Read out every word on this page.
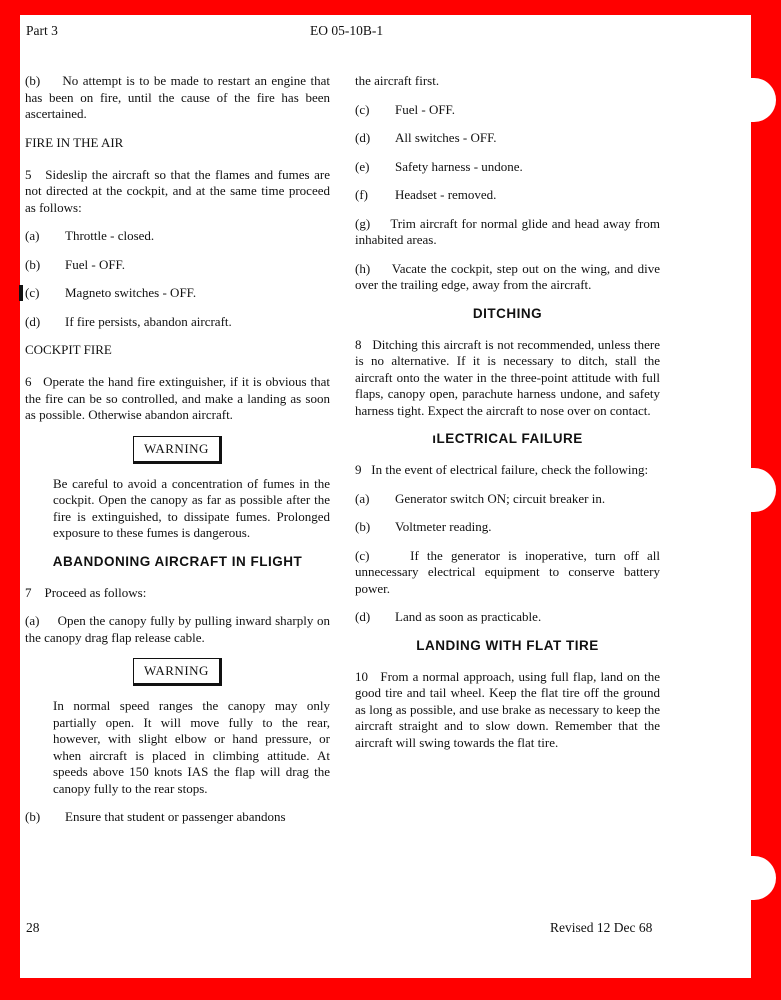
Part 3	EO 05-10B-1

(b)     No attempt is to be made to restart an engine that has been on fire, until the cause of the fire has been ascertained.

FIRE IN THE AIR

5   Sideslip the aircraft so that the flames and fumes are not directed at the cockpit, and at the same time proceed as follows:

(a)	Throttle - closed.
(b)	Fuel - OFF.
(c)	Magneto switches - OFF.
(d)	If fire persists, abandon aircraft.
COCKPIT FIRE

6   Operate the hand fire extinguisher, if it is obvious that the fire can be so controlled, and make a landing as soon as possible. Otherwise abandon aircraft.

WARNING

Be careful to avoid a concentration of fumes in the cockpit. Open the canopy as far as possible after the fire is extinguished, to dissipate fumes. Prolonged exposure to these fumes is dangerous.

ABANDONING AIRCRAFT IN FLIGHT

7    Proceed as follows:

(a)     Open the canopy fully by pulling inward sharply on the canopy drag flap release cable.

WARNING

In normal speed ranges the canopy may only partially open. It will move fully to the rear, however, with slight elbow or hand pressure, or when aircraft is placed in climbing attitude. At speeds above 150 knots IAS the flap will drag the canopy fully to the rear stops.

(b)	Ensure that student or passenger abandons

the aircraft first.

(c)	Fuel - OFF.
(d)	All switches - OFF.
(e)	Safety harness - undone.
(f)	Headset - removed.

(g)     Trim aircraft for normal glide and head away from inhabited areas.

(h)     Vacate the cockpit, step out on the wing, and dive over the trailing edge, away from the aircraft.

DITCHING

8   Ditching this aircraft is not recommended, unless there is no alternative. If it is necessary to ditch, stall the aircraft onto the water in the three-point attitude with full flaps, canopy open, parachute harness undone, and safety harness tight. Expect the aircraft to nose over on contact.

ıLECTRICAL FAILURE

9   In the event of electrical failure, check the following:

(a)	Generator switch ON; circuit breaker in.
(b)	Voltmeter reading.

(c)     If the generator is inoperative, turn off all unnecessary electrical equipment to conserve battery power.

(d)	Land as soon as practicable.
LANDING WITH FLAT TIRE

10   From a normal approach, using full flap, land on the good tire and tail wheel. Keep the flat tire off the ground as long as possible, and use brake as necessary to keep the aircraft straight and to slow down. Remember that the aircraft will swing towards the flat tire.

28	Revised 12 Dec 68
